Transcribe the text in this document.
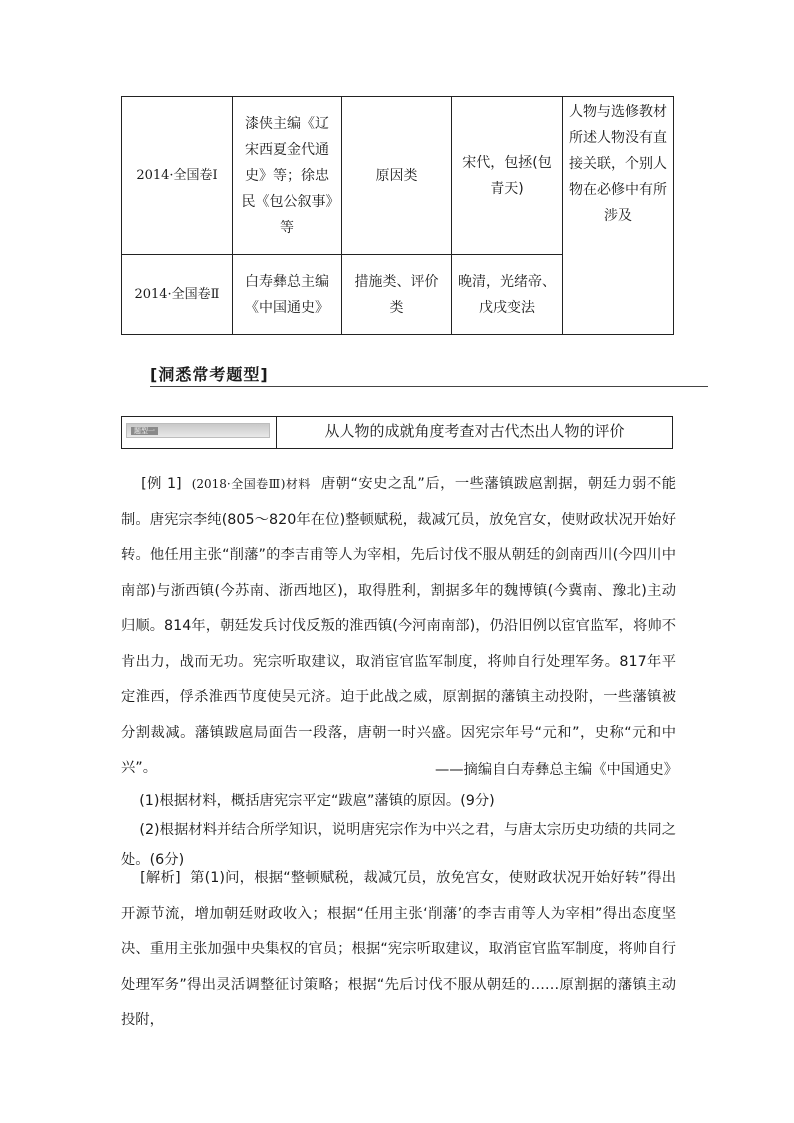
2014·全国卷Ⅰ	漆侠主编《辽宋西夏金代通史》等；徐忠民《包公叙事》等	原因类	宋代，包拯(包青天)	人物与选修教材所述人物没有直接关联，个别人物在必修中有所涉及
2014·全国卷Ⅱ	白寿彝总主编《中国通史》	措施类、评价类	晚清，光绪帝、戊戌变法	
[洞悉常考题型]
题型一	从人物的成就角度考查对古代杰出人物的评价
[例 1] (2018·全国卷Ⅲ)材料 唐朝“安史之乱”后，一些藩镇跋扈割据，朝廷力弱不能制。唐宪宗李纯(805～820年在位)整顿赋税，裁减冗员，放免宫女，使财政状况开始好转。他任用主张“削藩”的李吉甫等人为宰相，先后讨伐不服从朝廷的剑南西川(今四川中南部)与浙西镇(今苏南、浙西地区)，取得胜利，割据多年的魏博镇(今冀南、豫北)主动归顺。814年，朝廷发兵讨伐反叛的淮西镇(今河南南部)，仍沿旧例以宦官监军，将帅不肯出力，战而无功。宪宗听取建议，取消宦官监军制度，将帅自行处理军务。817年平定淮西，俘杀淮西节度使吴元济。迫于此战之威，原割据的藩镇主动投附，一些藩镇被分割裁减。藩镇跋扈局面告一段落，唐朝一时兴盛。因宪宗年号“元和”，史称“元和中兴”。	——摘编自白寿彝总主编《中国通史》
(1)根据材料，概括唐宪宗平定“跋扈”藩镇的原因。(9分)
(2)根据材料并结合所学知识，说明唐宪宗作为中兴之君，与唐太宗历史功绩的共同之处。(6分)
[解析] 第(1)问，根据“整顿赋税，裁减冗员，放免宫女，使财政状况开始好转”得出开源节流，增加朝廷财政收入；根据“任用主张‘削藩’的李吉甫等人为宰相”得出态度坚决、重用主张加强中央集权的官员；根据“宪宗听取建议，取消宦官监军制度，将帅自行处理军务”得出灵活调整征讨策略；根据“先后讨伐不服从朝廷的……原割据的藩镇主动投附，
